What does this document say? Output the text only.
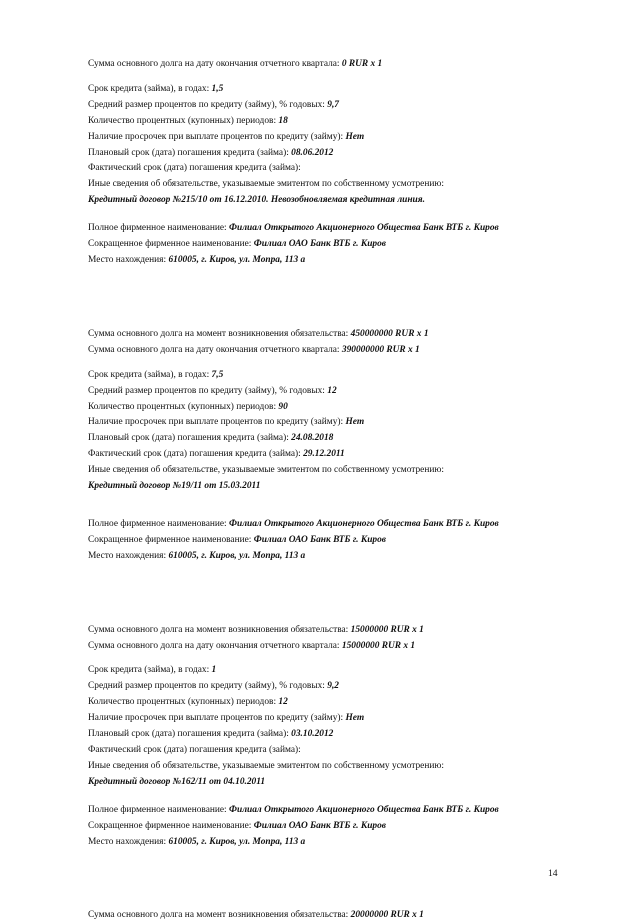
Сумма основного долга на дату окончания отчетного квартала: 0 RUR x 1
Срок кредита (займа), в годах: 1,5
Средний размер процентов по кредиту (займу), % годовых: 9,7
Количество процентных (купонных) периодов: 18
Наличие просрочек при выплате процентов по кредиту (займу): Нет
Плановый срок (дата) погашения кредита (займа): 08.06.2012
Фактический срок (дата) погашения кредита (займа):
Иные сведения об обязательстве, указываемые эмитентом по собственному усмотрению:
Кредитный договор №215/10 от 16.12.2010. Невозобновляемая кредитная линия.
Полное фирменное наименование: Филиал Открытого Акционерного Общества Банк ВТБ г. Киров
Сокращенное фирменное наименование: Филиал ОАО Банк ВТБ г. Киров
Место нахождения: 610005, г. Киров, ул. Мопра, 113 а
Сумма основного долга на момент возникновения обязательства: 450000000 RUR x 1
Сумма основного долга на дату окончания отчетного квартала: 390000000 RUR x 1
Срок кредита (займа), в годах: 7,5
Средний размер процентов по кредиту (займу), % годовых: 12
Количество процентных (купонных) периодов: 90
Наличие просрочек при выплате процентов по кредиту (займу): Нет
Плановый срок (дата) погашения кредита (займа): 24.08.2018
Фактический срок (дата) погашения кредита (займа): 29.12.2011
Иные сведения об обязательстве, указываемые эмитентом по собственному усмотрению:
Кредитный договор №19/11 от 15.03.2011
Полное фирменное наименование: Филиал Открытого Акционерного Общества Банк ВТБ г. Киров
Сокращенное фирменное наименование: Филиал ОАО Банк ВТБ г. Киров
Место нахождения: 610005, г. Киров, ул. Мопра, 113 а
Сумма основного долга на момент возникновения обязательства: 15000000 RUR x 1
Сумма основного долга на дату окончания отчетного квартала: 15000000 RUR x 1
Срок кредита (займа), в годах: 1
Средний размер процентов по кредиту (займу), % годовых: 9,2
Количество процентных (купонных) периодов: 12
Наличие просрочек при выплате процентов по кредиту (займу): Нет
Плановый срок (дата) погашения кредита (займа): 03.10.2012
Фактический срок (дата) погашения кредита (займа):
Иные сведения об обязательстве, указываемые эмитентом по собственному усмотрению:
Кредитный договор №162/11 от 04.10.2011
Полное фирменное наименование: Филиал Открытого Акционерного Общества Банк ВТБ г. Киров
Сокращенное фирменное наименование: Филиал ОАО Банк ВТБ г. Киров
Место нахождения: 610005, г. Киров, ул. Мопра, 113 а
Сумма основного долга на момент возникновения обязательства: 20000000 RUR x 1
14
